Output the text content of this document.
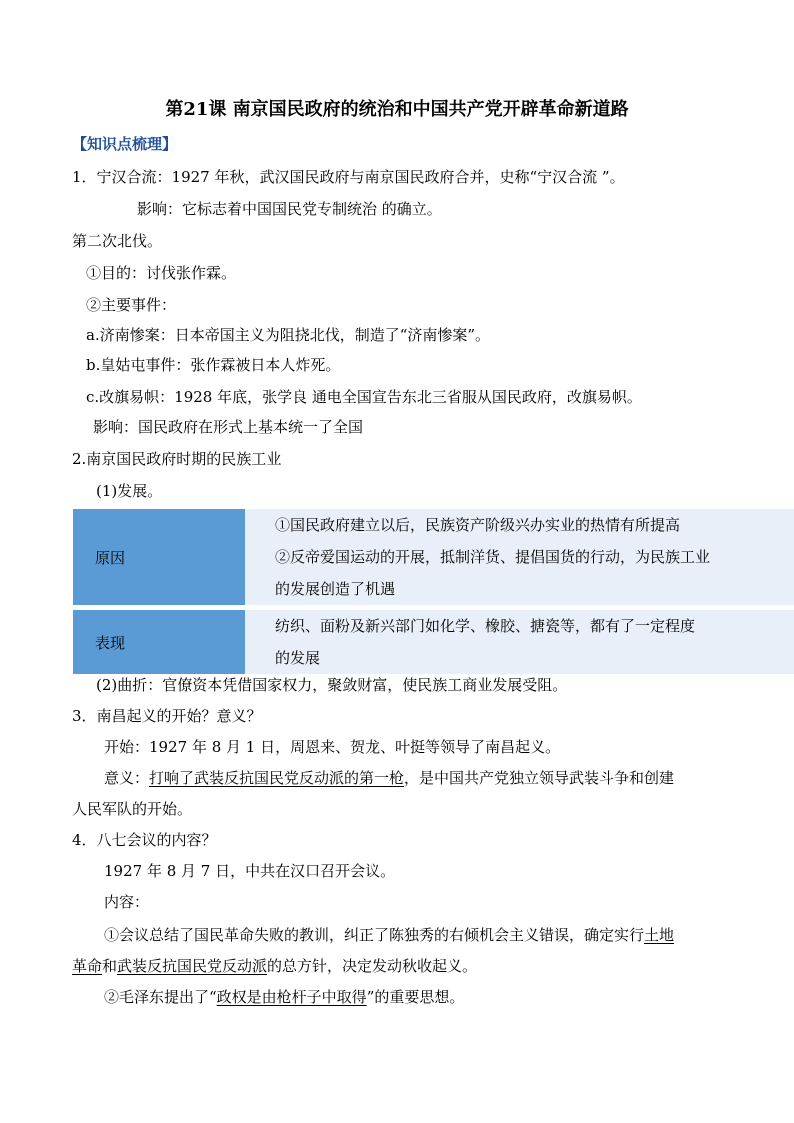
第21课 南京国民政府的统治和中国共产党开辟革命新道路
【知识点梳理】
1．宁汉合流：1927 年秋，武汉国民政府与南京国民政府合并，史称“宁汉合流 ”。
影响：它标志着中国国民党专制统治 的确立。
第二次北伐。
①目的：讨伐张作霖。
②主要事件：
a.济南惨案：日本帝国主义为阻挠北伐，制造了“济南惨案”。
b.皇姑屯事件：张作霖被日本人炸死。
c.改旗易帜：1928 年底，张学良 通电全国宣告东北三省服从国民政府，改旗易帜。
影响：国民政府在形式上基本统一了全国
2.南京国民政府时期的民族工业
(1)发展。
原因	①国民政府建立以后，民族资产阶级兴办实业的热情有所提高
②反帝爱国运动的开展，抵制洋货、提倡国货的行动，为民族工业
的发展创造了机遇

表现	纺织、面粉及新兴部门如化学、橡胶、搪瓷等，都有了一定程度
的发展
(2)曲折：官僚资本凭借国家权力，聚敛财富，使民族工商业发展受阻。
3．南昌起义的开始？意义？
开始：1927 年 8 月 1 日，周恩来、贺龙、叶挺等领导了南昌起义。
意义：打响了武装反抗国民党反动派的第一枪，是中国共产党独立领导武装斗争和创建
人民军队的开始。
4．八七会议的内容？
1927 年 8 月 7 日，中共在汉口召开会议。
内容：
①会议总结了国民革命失败的教训，纠正了陈独秀的右倾机会主义错误，确定实行土地
革命和武装反抗国民党反动派的总方针，决定发动秋收起义。
②毛泽东提出了“政权是由枪杆子中取得”的重要思想。
